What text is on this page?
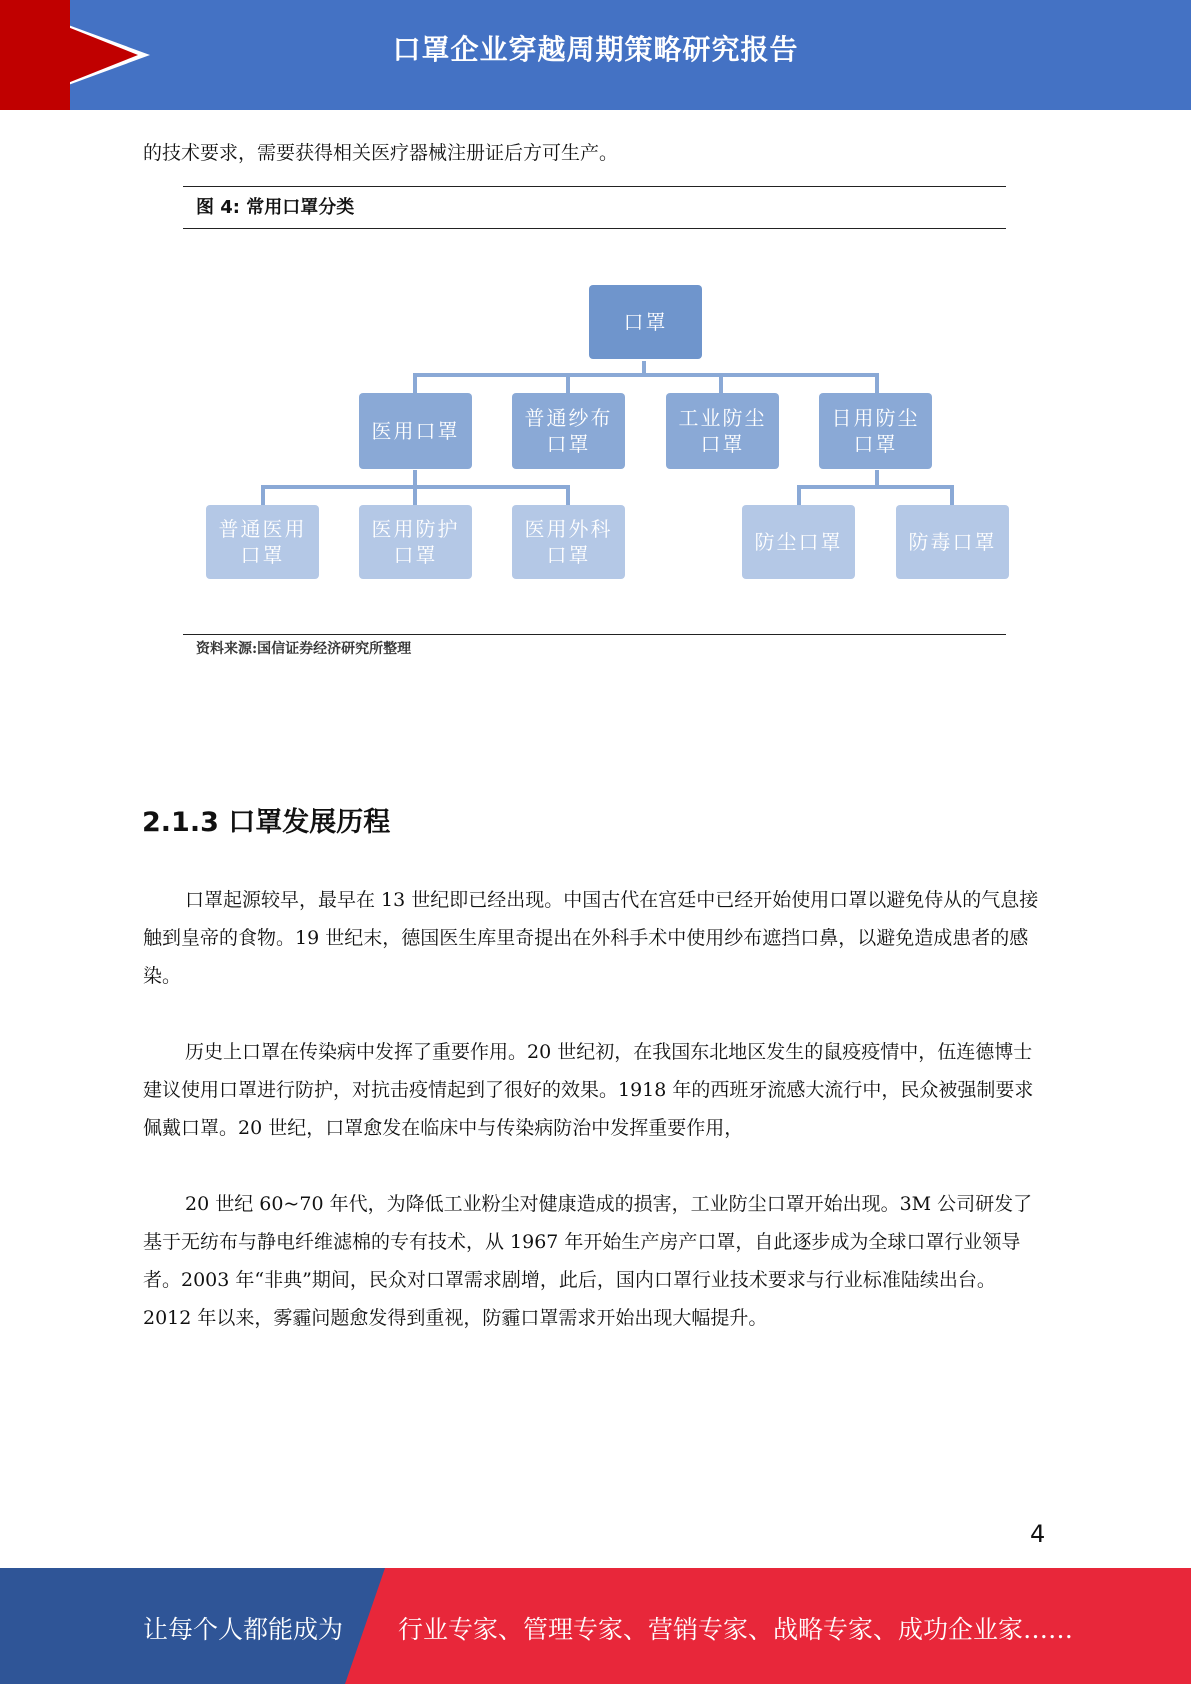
口罩企业穿越周期策略研究报告
的技术要求，需要获得相关医疗器械注册证后方可生产。
图 4: 常用口罩分类
口罩
医用口罩
普通纱布
口罩
工业防尘
口罩
日用防尘
口罩
普通医用
口罩
医用防护
口罩
医用外科
口罩
防尘口罩	防毒口罩
资料来源:国信证券经济研究所整理
2.1.3 口罩发展历程
口罩起源较早，最早在 13 世纪即已经出现。中国古代在宫廷中已经开始使用口罩以避免侍从的气息接触到皇帝的食物。19 世纪末，德国医生库里奇提出在外科手术中使用纱布遮挡口鼻，以避免造成患者的感染。
历史上口罩在传染病中发挥了重要作用。20 世纪初，在我国东北地区发生的鼠疫疫情中，伍连德博士建议使用口罩进行防护，对抗击疫情起到了很好的效果。1918 年的西班牙流感大流行中，民众被强制要求佩戴口罩。20 世纪，口罩愈发在临床中与传染病防治中发挥重要作用，
20 世纪 60~70 年代，为降低工业粉尘对健康造成的损害，工业防尘口罩开始出现。3M 公司研发了基于无纺布与静电纤维滤棉的专有技术，从 1967 年开始生产房产口罩，自此逐步成为全球口罩行业领导者。2003 年“非典”期间，民众对口罩需求剧增，此后，国内口罩行业技术要求与行业标准陆续出台。2012 年以来，雾霾问题愈发得到重视，防霾口罩需求开始出现大幅提升。
4
让每个人都能成为 行业专家、管理专家、营销专家、战略专家、成功企业家……
